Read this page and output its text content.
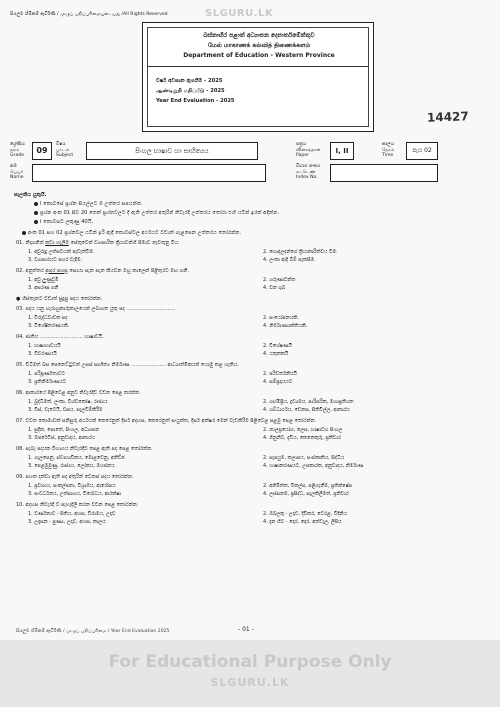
සියලුම හිමිකම් ඇවිරිණි / முழுப் பதிப்புரிமையுடையது /All Rights Reserved	SLGURU.LK
බස්නාහිර පළාත් අධ්‍යාපන දෙපාර්තමේන්තුව
மேல் மாகாணக் கல்வித் திணைக்களம்
Department of Education - Western Province
වර්ෂ අවසාන ඇගයීම - 2025
ஆண்டிறுதி மதிப்பீடு - 2025
Year End Evaluation - 2025
ශ්‍රේණිය
தரம்
Grade
09
විෂය
பாடம்
Subject
සිංහල භාෂාව හා සාහිත්‍යය
පත්‍රය
வினாத்தாள்
Paper
I, II
කාලය
நேரம்
Time
පැය 02
නම
பெயர்
Name
විභාග අංකය
சுட்டெண்
Index No.
සැලකිය යුතුයි.
I කොටසේ ප්‍රශ්න සියල්ලට ම උත්තර සපයන්න.
ප්‍රශ්න අංක 01 සිට 20 තෙක් ප්‍රශ්නවලට දී ඇති උත්තර අතුරින් නිවැරදි උත්තරය තෝරා එහි යටින් ඉරක් අඳින්න.
I කොටසට ලකුණු 40යි.
අංක 01 සහ 02 ප්‍රශ්නවල යටින් ඉරි ඇඳි කොටස්වල අර්ථයට වඩාත් ගැළපෙන උත්තරය තෝරන්න.
14427
01. නිදාගනිත් කඩා හැලීම සේතුවෙන් ව්‍යාපාරික ක්‍රියාවන්හි සීමාව නැවතුනු විය.
1. අවුරුදු උත්සවයක් පැවැත්වීම.	2. හොඳලදන්ගේ ක්‍රියාකාරිත්වය වීම.
3. ව්‍යාපාරයට පහර වැදීම.	4. ලංකා ආදි බිම් සැකසීම.
02. අනුත්තර ආදර පහසු සොයා සැන සැන කියවන ඔහු කාලෙන් පිළිතුරට මඟ ගනී.
1. අවු ලුණුවුමී	2. ශරුණාවන්ත
3. අසරණ ගනී	4. වන ගුබ
● හිස්තැනට වඩාත් සුදුසු පදය තෝරන්න.
03. පදය යනු හැරාහුකාරුකාලයෙන් ලබාගත යුතු පද ...............................
1. විරුද්ධවාචක පද	2. සංයෝජනයකි.
3. විශේෂිතරණයකි.	4. නිර්මාණශක්තියකි.
04. ජාතිය ........................... භාෂාවයි.
1. භාෂාභාවයයි	2. විශේෂණයි
3. විවරණයයි	4. යතුකකයි
05. විධිමත් බස පෙනෙට්ටුවන් උසස් සාහිත්‍ය නිර්මාණ ...................... ආධ්‍යාත්මිකයන් යොමු කළ හැකිය.
1. පරිපූර්ණතාවට	2. පරිවර්තනීයයි
3. ප්‍රතිනිර්මාණයට	4. සම්ප්‍රදායයට
06. ආකාරයේ පිළිවෙළ අනුව නිවැරදිව වචන පෙළ කරන්න.
1. බුද්ධිමත්, ලංකා, විශ්වකෝෂ, රාජ්‍යය	2. ශහ්මිප්‍රිය, ද්‍රව්‍යමය, පාරිසරික, මහාප්‍රතිශත
3. විස්, වැටෙයි, වසය, සැලවීම්කිරීම	4. ශබ්ධාර්ථය, වෙනස, සිතිවිල්ල, ආකාරය
07. වචන කොමාවක් සනිසුරු අර්ථයක් කෙරෙනුත් දීර්ඝ අදහස, කෙරෙනුත් සංයුක්ත, දීර්ඝ අක්ෂර මෙන් වැඩකිරීම පිළිවෙළ පළමු පෙළ තෝරන්න.
1. සුදීන, පොතේ, සිංහල, අධ්‍යාපන	2. නාලප්‍රයෝග, ලෙස, භාෂාවහ සිංහල
3. ඔපරේටිස්, අනුවාදය, ආකාරය	4. ගිනුනිට, දැඩිය, කෙනෙකුරු, ප්‍රතිචාර
08. සැබෑ පදයක විභාගය නිවැරදිව පෙළ ඇති පද පෙළ තෝරන්න.
1. ගැලපෙනු, ස්වාභාවිකය, මොළවෙනු, අනිච්ඡ	2. සැපයුම, කලාපය, සංස්කෘතිය, සිද්ධිය
3. පෙළමුමුණු, රාජ්‍යය, ලෝකය, මහජනය	4. භාෂාකරණයට, උපකාරක, අනුවාදය, නිර්මාණ
09. පහත දක්වා ඇති පද අතුරින් වෙනස් පදය තෝරන්න.
1. ප්‍රවාහය, සංකල්පනා, විශ්‍රාමය, ආරෝපය	2. අනිමිත්ත, විකල්ප, පළිගැනීම, ප්‍රතික්ෂේප
3. සංවර්ධනය, උත්සාහය, විරෝධය, ආරක්ෂා	4. ලස්සනම, ප්‍රසිද්ධ, සැලකිලිමත්, ප්‍රතිචාර
10. අදහස නිවැරදි ව පැහැදිලි කරන වචන පෙළ තෝරන්න.
1. වර්ණනාව - සිතිය, අහස, විරාමය, උදාව	2. ඔබලකු - උදාව, දිවිකර, වෙරළ, විදිනිය
3. උදෑසන - පුණ්‍ය, උදාව, අහස, කාලය	4. දැන හිට - දොර, දොර, අත්වැල, ලිපිය
සියලුම හිමිකම් ඇවිරිණි / முழுப் பதிப்புரிமை / Year End Evaluation 2025	- 01 -
For Educational Purpose Only
SLGURU.LK
